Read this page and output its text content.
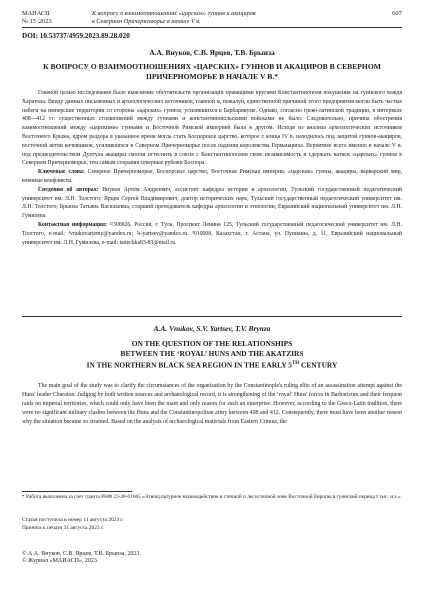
МАНАСП
№ 15 .2023
К вопросу о взаимоотношениях «царских» гуннов и акациров
в Северном Причерноморье в начале V в.
607
DOI: 10.53737/4959.2023.89.28.020
А.А. Внуков, С.В. Ярцев, Т.В. Брынза
К ВОПРОСУ О ВЗАИМООТНОШЕНИЯХ «ЦАРСКИХ» ГУННОВ И АКАЦИРОВ В СЕВЕРНОМ ПРИЧЕРНОМОРЬЕ В НАЧАЛЕ V В.*

Главной целью исследования было выяснение обстоятельств организации правящими кругами Константинополя покушения на гуннского вождя Харатона. Ввиду данных письменных и археологических источников, главной и, пожалуй, единственной причиной этого предприятия могли быть частые набеги на имперские территории со стороны «царских» гуннов, усилившихся в Барбарикуме. Однако, согласно греко-латинской традиции, в интервале 408—412 гг. существенных столкновений между гуннами и константинопольскими войсками не было. Следовательно, причина обострения взаимоотношений между «царскими» гуннами и Восточной Римской империей была в другом. Исходя из анализа археологических источников Восточного Крыма, ядром раздора в указанное время могла стать Боспорское царство, которое с конца IV в. находилось под защитой гуннов-акациров, восточной ветви кочевников, усилившихся в Северном Причерноморье после падения королевства Германариха. Вероятнее всего именно в начале V в. под предводительством Дуптула акациры смогли оттеснить в союзе с Константинополем свою независимость и сдержать натиск «царских» гуннов в Северном Причерноморье, тем самым сохраняя северные рубежи Боспора.

Ключевые слова: Северное Причерноморье, Боспорское царство, Восточная Римская империя, «царские» гунны, акациры, варварский мир, военные конфликты.

Сведения об авторах: Внуков Артём Андреевич, ассистент кафедры истории и археологии, Тульский государственный педагогический университет им. Л.Н. Толстого; Ярцев Сергей Владимирович, доктор исторических наук, Тульский государственный педагогический университет им. Л.Н. Толстого; Брынза Татьяна Васильевна, старший преподаватель кафедры археологии и этнологии, Евразийский национальный университет им. Л.Н. Гумилева.

Контактная информация: ¹²300026, Россия, г. Тула, Проспект Ленина 125, Тульский государственный педагогический университет им. Л.Н. Толстого, e-mail: ¹vnukovartemy@yandex.ru; ²s-yartsev@yandex.ru. ³010008, Казахстан, г. Астана, ул. Пушкина, д. 11, Евразийский национальный университет им. Л.Н. Гумилева, e-mail: tanechka83-83@mail.ru.

A.A. Vnukov, S.V. Yartsev, T.V. Brynza
ON THE QUESTION OF THE RELATIONSHIPS
BETWEEN THE ‘ROYAL’ HUNS AND THE AKATZIRS
IN THE NORTHERN BLACK SEA REGION IN THE EARLY 5TH CENTURY

The main goal of the study was to clarify the circumstances of the organization by the Constantinople's ruling elite of an assassination attempt against the Huns' leader Charaton. Judging by both written sources and archaeological record, it is strengthening of the ‘royal’ Huns' forces in Barbaricum and their frequent raids on imperial territories, which could only have been the main and only reason for such an enterprise. However, according to the Greco-Latin tradition, there were no significant military clashes between the Huns and the Constantinopolitan army between 408 and 412. Consequently, there must have been another reason why the situation became so strained. Based on the analysis of archaeological materials from Eastern Crimea, the

* Работа выполнена за счет гранта РНФ 23-28-01665 «Этнокультурное взаимодействие в степной и лесостепной зоне Восточной Европы в гуннский период I тыс. н.э.».
Статья поступила в номер 11 августа 2023 г.
Принята к печати 31 августа 2023 г.
© А.А. Внуков, С.В. Ярцев, Т.В. Брынза, 2023.
© Журнал «МАИАСП», 2023.
